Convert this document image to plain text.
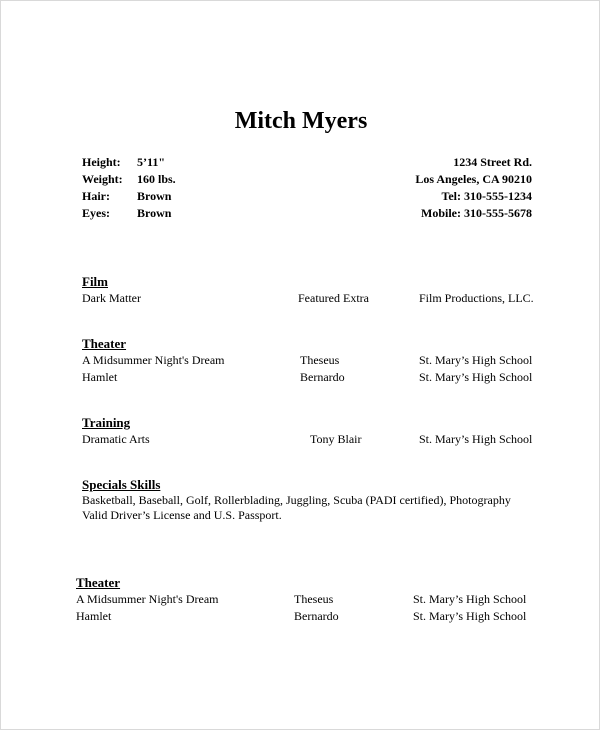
Mitch Myers
Height:	5’11"
Weight:	160 lbs.
Hair:	Brown
Eyes:	Brown
1234 Street Rd.
Los Angeles, CA 90210
Tel: 310-555-1234
Mobile: 310-555-5678
Film
Dark Matter	Featured Extra	Film Productions, LLC.
Theater
A Midsummer Night's Dream	Theseus	St. Mary’s High School
Hamlet	Bernardo	St. Mary’s High School
Training
Dramatic Arts	Tony Blair	St. Mary’s High School
Specials Skills
Basketball, Baseball, Golf, Rollerblading, Juggling, Scuba (PADI certified), Photography
Valid Driver’s License and U.S. Passport.
Theater
A Midsummer Night's Dream	Theseus	St. Mary’s High School
Hamlet	Bernardo	St. Mary’s High School
